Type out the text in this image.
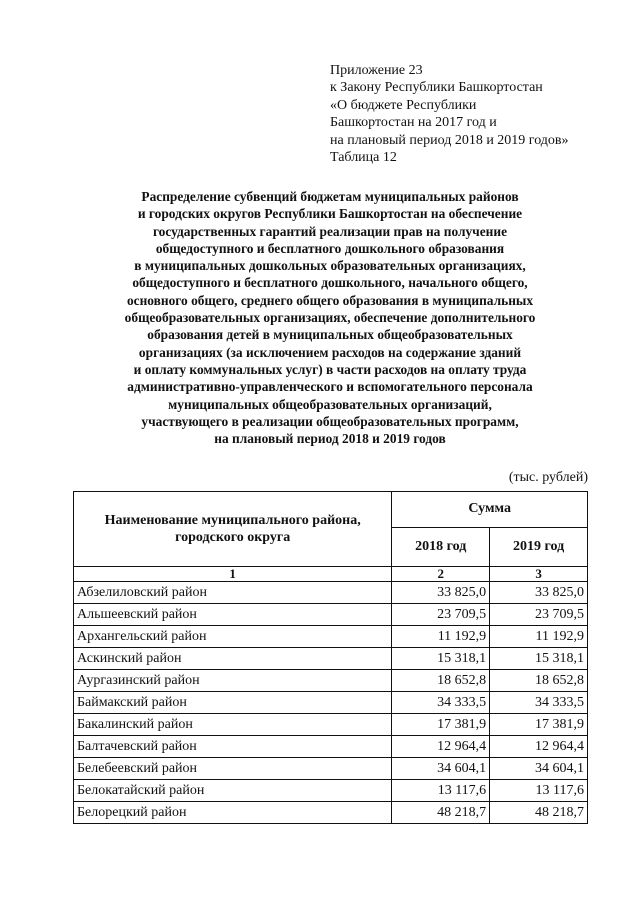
Приложение 23
к Закону Республики Башкортостан
«О бюджете Республики
Башкортостан на 2017 год и
на плановый период 2018 и 2019 годов»
Таблица 12
Распределение субвенций бюджетам муниципальных районов
и городских округов Республики Башкортостан на обеспечение
государственных гарантий реализации прав на получение
общедоступного и бесплатного дошкольного образования
в муниципальных дошкольных образовательных организациях,
общедоступного и бесплатного дошкольного, начального общего,
основного общего, среднего общего образования в муниципальных
общеобразовательных организациях, обеспечение дополнительного
образования детей в муниципальных общеобразовательных
организациях (за исключением расходов на содержание зданий
и оплату коммунальных услуг) в части расходов на оплату труда
административно-управленческого и вспомогательного персонала
муниципальных общеобразовательных организаций,
участвующего в реализации общеобразовательных программ,
на плановый период 2018 и 2019 годов
(тыс. рублей)
Наименование муниципального района, городского округа	Сумма	
	2018 год	2019 год
1	2	3
Абзелиловский район	33 825,0	33 825,0
Альшеевский район	23 709,5	23 709,5
Архангельский район	11 192,9	11 192,9
Аскинский район	15 318,1	15 318,1
Аургазинский район	18 652,8	18 652,8
Баймакский район	34 333,5	34 333,5
Бакалинский район	17 381,9	17 381,9
Балтачевский район	12 964,4	12 964,4
Белебеевский район	34 604,1	34 604,1
Белокатайский район	13 117,6	13 117,6
Белорецкий район	48 218,7	48 218,7
